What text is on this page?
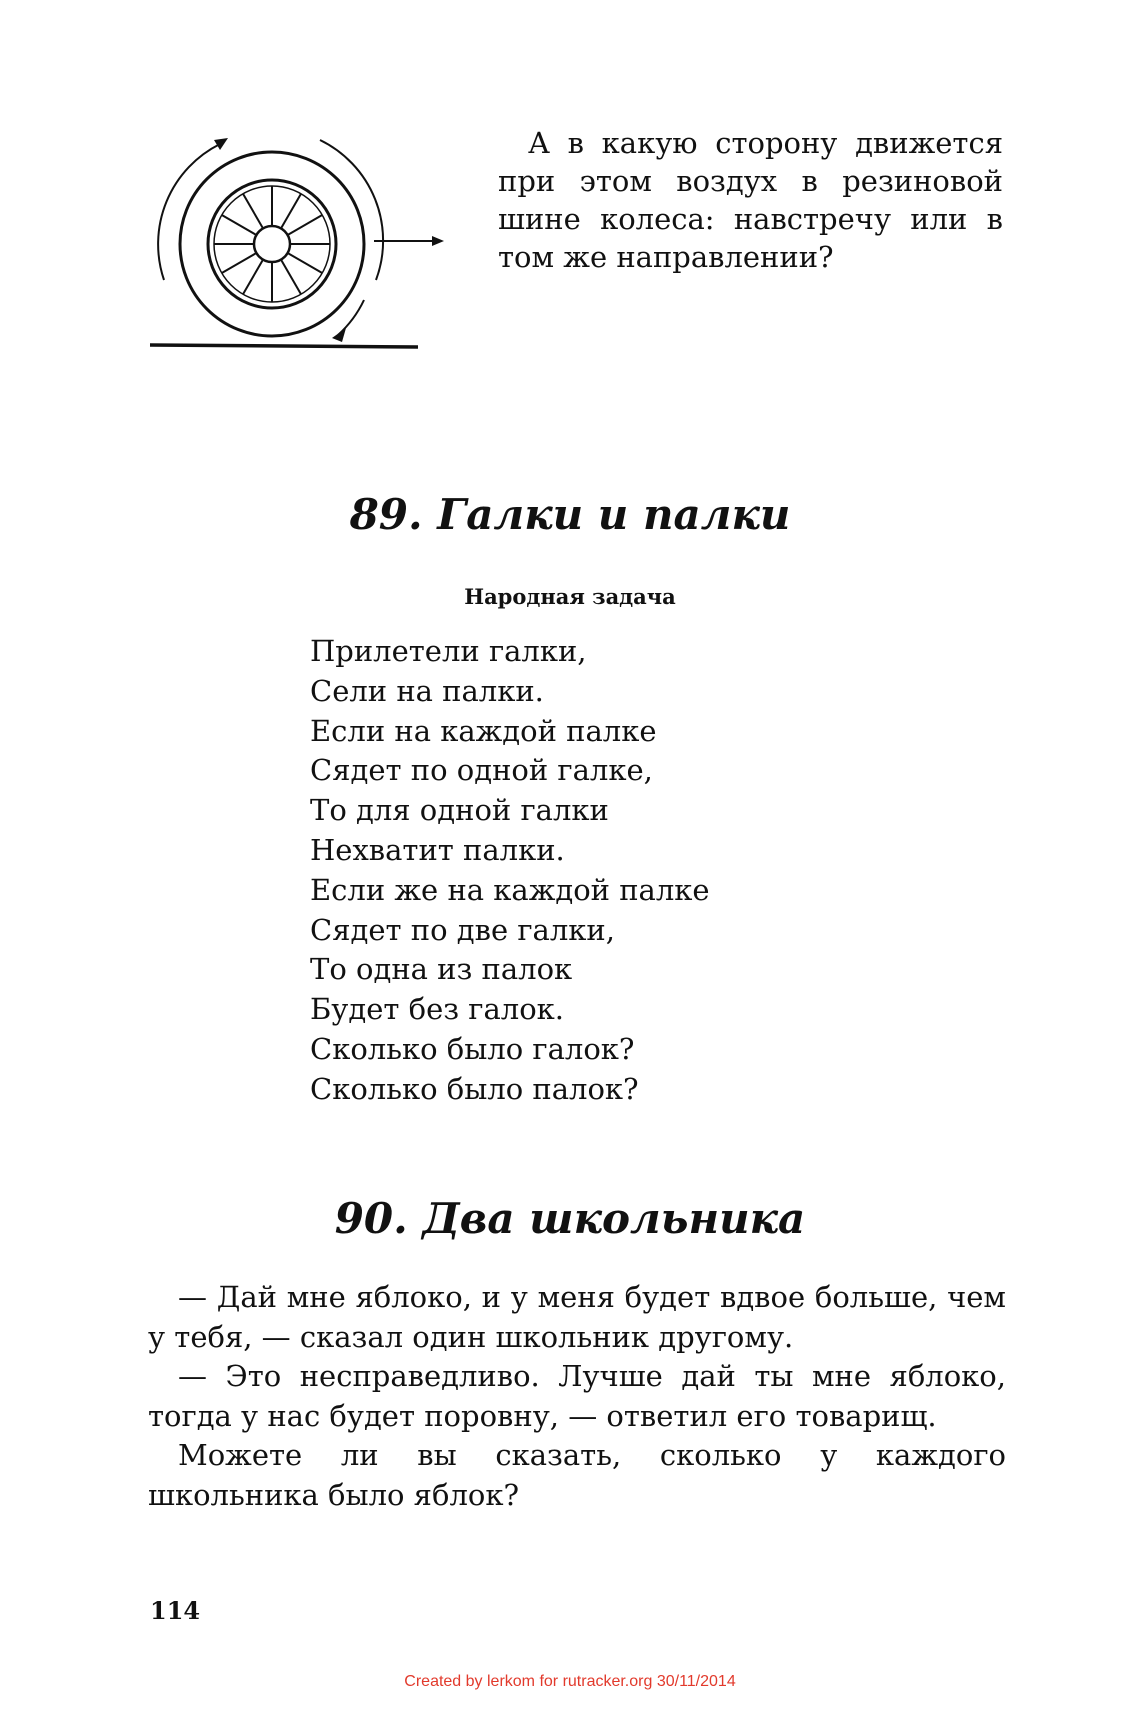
А в какую сторону движется при этом воздух в резиновой шине колеса: навстречу или в том же направлении?

89. Галки и палки
Народная задача
Прилетели галки,
Сели на палки.
Если на каждой палке
Сядет по одной галке,
То для одной галки
Нехватит палки.
Если же на каждой палке
Сядет по две галки,
То одна из палок
Будет без галок.
Сколько было галок?
Сколько было палок?
90. Два школьника

— Дай мне яблоко, и у меня будет вдвое больше, чем у тебя, — сказал один школьник другому.

— Это несправедливо. Лучше дай ты мне яблоко, тогда у нас будет поровну, — ответил его товарищ.

Можете ли вы сказать, сколько у каждого школьника было яблок?

114
Created by lerkom for rutracker.org 30/11/2014
